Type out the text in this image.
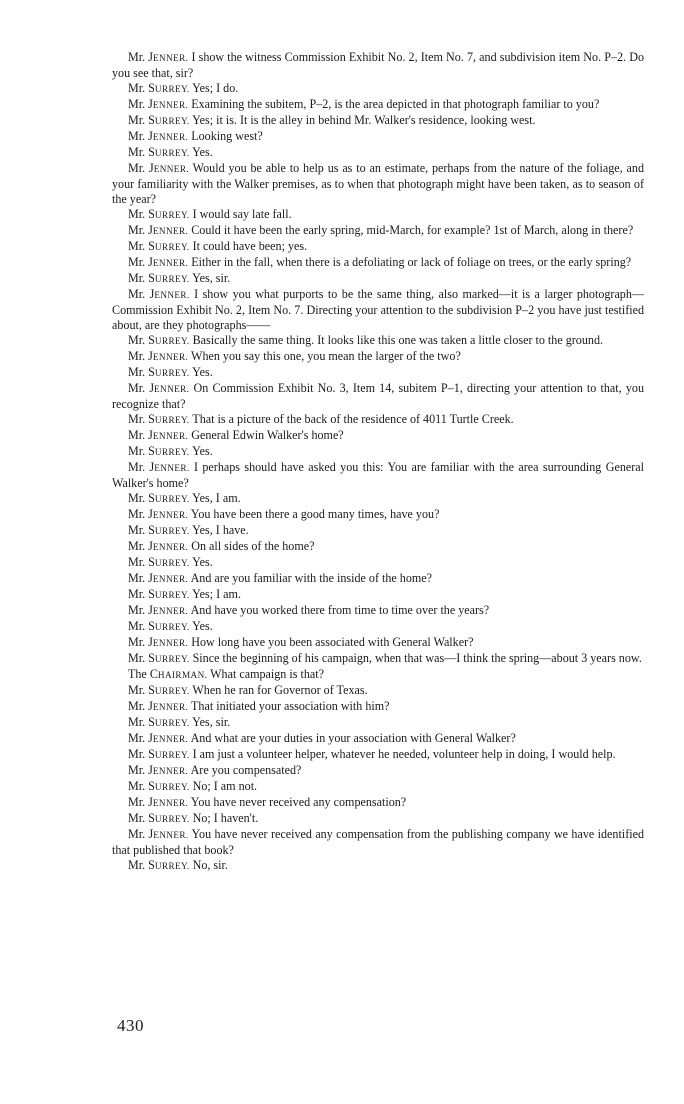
Mr. JENNER. I show the witness Commission Exhibit No. 2, Item No. 7, and subdivision item No. P–2. Do you see that, sir?

Mr. SURREY. Yes; I do.

Mr. JENNER. Examining the subitem, P–2, is the area depicted in that photograph familiar to you?

Mr. SURREY. Yes; it is. It is the alley in behind Mr. Walker's residence, looking west.

Mr. JENNER. Looking west?

Mr. SURREY. Yes.

Mr. JENNER. Would you be able to help us as to an estimate, perhaps from the nature of the foliage, and your familiarity with the Walker premises, as to when that photograph might have been taken, as to season of the year?

Mr. SURREY. I would say late fall.

Mr. JENNER. Could it have been the early spring, mid-March, for example? 1st of March, along in there?

Mr. SURREY. It could have been; yes.

Mr. JENNER. Either in the fall, when there is a defoliating or lack of foliage on trees, or the early spring?

Mr. SURREY. Yes, sir.

Mr. JENNER. I show you what purports to be the same thing, also marked—it is a larger photograph—Commission Exhibit No. 2, Item No. 7. Directing your attention to the subdivision P–2 you have just testified about, are they photographs——

Mr. SURREY. Basically the same thing. It looks like this one was taken a little closer to the ground.

Mr. JENNER. When you say this one, you mean the larger of the two?

Mr. SURREY. Yes.

Mr. JENNER. On Commission Exhibit No. 3, Item 14, subitem P–1, directing your attention to that, you recognize that?

Mr. SURREY. That is a picture of the back of the residence of 4011 Turtle Creek.

Mr. JENNER. General Edwin Walker's home?

Mr. SURREY. Yes.

Mr. JENNER. I perhaps should have asked you this: You are familiar with the area surrounding General Walker's home?

Mr. SURREY. Yes, I am.

Mr. JENNER. You have been there a good many times, have you?

Mr. SURREY. Yes, I have.

Mr. JENNER. On all sides of the home?

Mr. SURREY. Yes.

Mr. JENNER. And are you familiar with the inside of the home?

Mr. SURREY. Yes; I am.

Mr. JENNER. And have you worked there from time to time over the years?

Mr. SURREY. Yes.

Mr. JENNER. How long have you been associated with General Walker?

Mr. SURREY. Since the beginning of his campaign, when that was—I think the spring—about 3 years now.

The CHAIRMAN. What campaign is that?

Mr. SURREY. When he ran for Governor of Texas.

Mr. JENNER. That initiated your association with him?

Mr. SURREY. Yes, sir.

Mr. JENNER. And what are your duties in your association with General Walker?

Mr. SURREY. I am just a volunteer helper, whatever he needed, volunteer help in doing, I would help.

Mr. JENNER. Are you compensated?

Mr. SURREY. No; I am not.

Mr. JENNER. You have never received any compensation?

Mr. SURREY. No; I haven't.

Mr. JENNER. You have never received any compensation from the publishing company we have identified that published that book?

Mr. SURREY. No, sir.

430
